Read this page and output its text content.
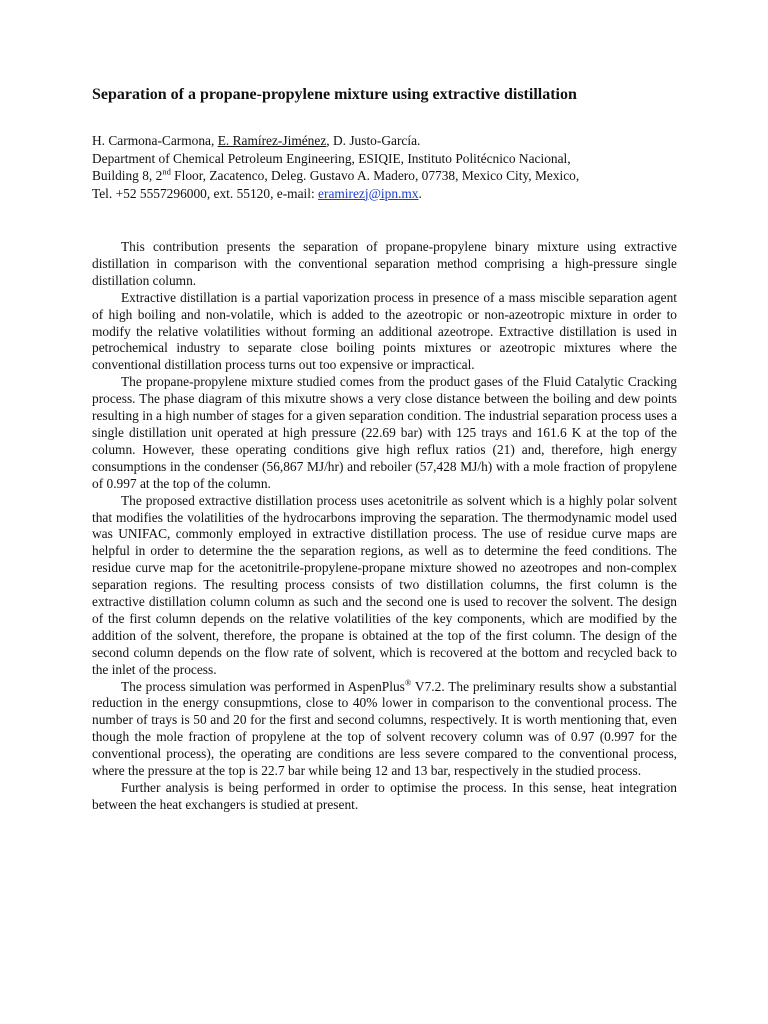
Separation of a propane-propylene mixture using extractive distillation
H. Carmona-Carmona, E. Ramírez-Jiménez, D. Justo-García.
Department of Chemical Petroleum Engineering, ESIQIE, Instituto Politécnico Nacional,
Building 8, 2nd Floor, Zacatenco, Deleg. Gustavo A. Madero, 07738, Mexico City, Mexico,
Tel. +52 5557296000, ext. 55120, e-mail: eramirezj@ipn.mx.

This contribution presents the separation of propane-propylene binary mixture using extractive distillation in comparison with the conventional separation method comprising a high-pressure single distillation column.

Extractive distillation is a partial vaporization process in presence of a mass miscible separation agent of high boiling and non-volatile, which is added to the azeotropic or non-azeotropic mixture in order to modify the relative volatilities without forming an additional azeotrope. Extractive distillation is used in petrochemical industry to separate close boiling points mixtures or azeotropic mixtures where the conventional distillation process turns out too expensive or impractical.

The propane-propylene mixture studied comes from the product gases of the Fluid Catalytic Cracking process. The phase diagram of this mixutre shows a very close distance between the boiling and dew points resulting in a high number of stages for a given separation condition. The industrial separation process uses a single distillation unit operated at high pressure (22.69 bar) with 125 trays and 161.6 K at the top of the column. However, these operating conditions give high reflux ratios (21) and, therefore, high energy consumptions in the condenser (56,867 MJ/hr) and reboiler (57,428 MJ/h) with a mole fraction of propylene of 0.997 at the top of the column.

The proposed extractive distillation process uses acetonitrile as solvent which is a highly polar solvent that modifies the volatilities of the hydrocarbons improving the separation. The thermodynamic model used was UNIFAC, commonly employed in extractive distillation process. The use of residue curve maps are helpful in order to determine the the separation regions, as well as to determine the feed conditions. The residue curve map for the acetonitrile-propylene-propane mixture showed no azeotropes and non-complex separation regions. The resulting process consists of two distillation columns, the first column is the extractive distillation column column as such and the second one is used to recover the solvent. The design of the first column depends on the relative volatilities of the key components, which are modified by the addition of the solvent, therefore, the propane is obtained at the top of the first column. The design of the second column depends on the flow rate of solvent, which is recovered at the bottom and recycled back to the inlet of the process.

The process simulation was performed in AspenPlus® V7.2. The preliminary results show a substantial reduction in the energy consupmtions, close to 40% lower in comparison to the conventional process. The number of trays is 50 and 20 for the first and second columns, respectively. It is worth mentioning that, even though the mole fraction of propylene at the top of solvent recovery column was of 0.97 (0.997 for the conventional process), the operating are conditions are less severe compared to the conventional process, where the pressure at the top is 22.7 bar while being 12 and 13 bar, respectively in the studied process.

Further analysis is being performed in order to optimise the process. In this sense, heat integration between the heat exchangers is studied at present.
